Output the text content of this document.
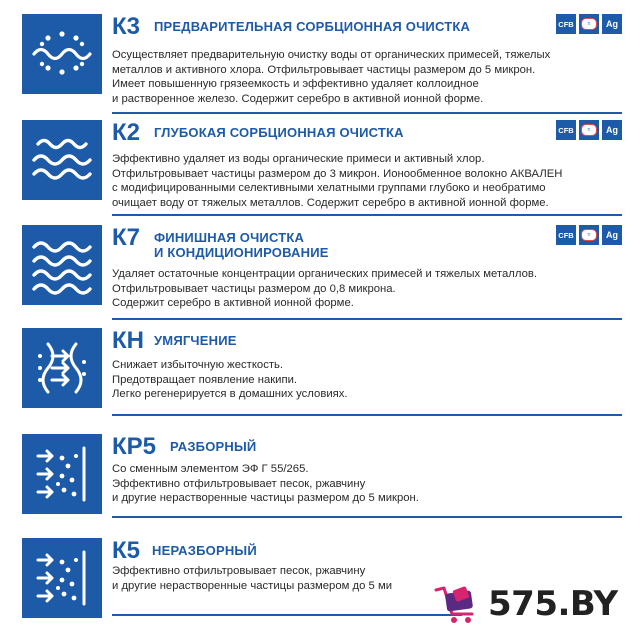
К3 ПРЕДВАРИТЕЛЬНАЯ СОРБЦИОННАЯ ОЧИСТКА	CFB	≈	Ag
Осуществляет предварительную очистку воды от органических примесей, тяжелых
металлов и активного хлора. Отфильтровывает частицы размером до 5 микрон.
Имеет повышенную грязеемкость и эффективно удаляет коллоидное
и растворенное железо. Содержит серебро в активной ионной форме.
К2 ГЛУБОКАЯ СОРБЦИОННАЯ ОЧИСТКА	CFB	≈	Ag
Эффективно удаляет из воды органические примеси и активный хлор.
Отфильтровывает частицы размером до 3 микрон. Ионообменное волокно АКВАЛЕН
с модифицированными селективными хелатными группами глубоко и необратимо
очищает воду от тяжелых металлов. Содержит серебро в активной ионной форме.
К7 ФИНИШНАЯ ОЧИСТКА
И КОНДИЦИОНИРОВАНИЕ
CFB	≈	Ag
Удаляет остаточные концентрации органических примесей и тяжелых металлов.
Отфильтровывает частицы размером до 0,8 микрона.
Содержит серебро в активной ионной форме.
КН УМЯГЧЕНИЕ
Снижает избыточную жесткость.
Предотвращает появление накипи.
Легко регенерируется в домашних условиях.
КР5 РАЗБОРНЫЙ
Со сменным элементом ЭФ Г 55/265.
Эффективно отфильтровывает песок, ржавчину
и другие нерастворенные частицы размером до 5 микрон.
К5 НЕРАЗБОРНЫЙ
Эффективно отфильтровывает песок, ржавчину
и другие нерастворенные частицы размером до 5 ми	575.BY
